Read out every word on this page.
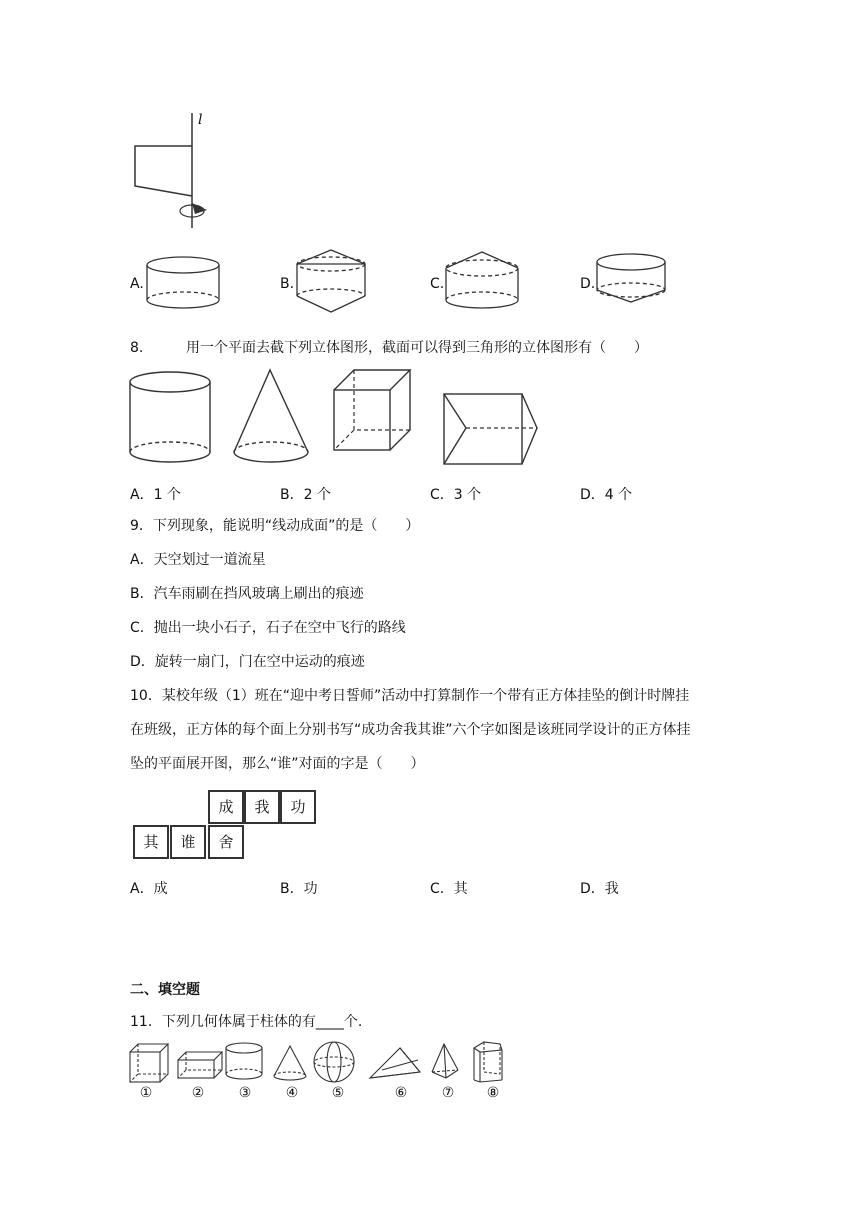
l
A.	B.	C.	D.
8.	用一个平面去截下列立体图形，截面可以得到三角形的立体图形有（　　）
A．1 个	B．2 个	C．3 个	D．4 个
9．下列现象，能说明“线动成面”的是（　　）
A．天空划过一道流星
B．汽车雨刷在挡风玻璃上刷出的痕迹
C．抛出一块小石子，石子在空中飞行的路线
D．旋转一扇门，门在空中运动的痕迹
10．某校年级（1）班在“迎中考日誓师”活动中打算制作一个带有正方体挂坠的倒计时牌挂
在班级，正方体的每个面上分别书写“成功舍我其谁”六个字如图是该班同学设计的正方体挂
坠的平面展开图，那么“谁”对面的字是（　　）
成	我	功
其	谁	舍
A．成	B．功	C．其	D．我
二、填空题
11．下列几何体属于柱体的有____个.
①	②	③	④	⑤	⑥	⑦	⑧
